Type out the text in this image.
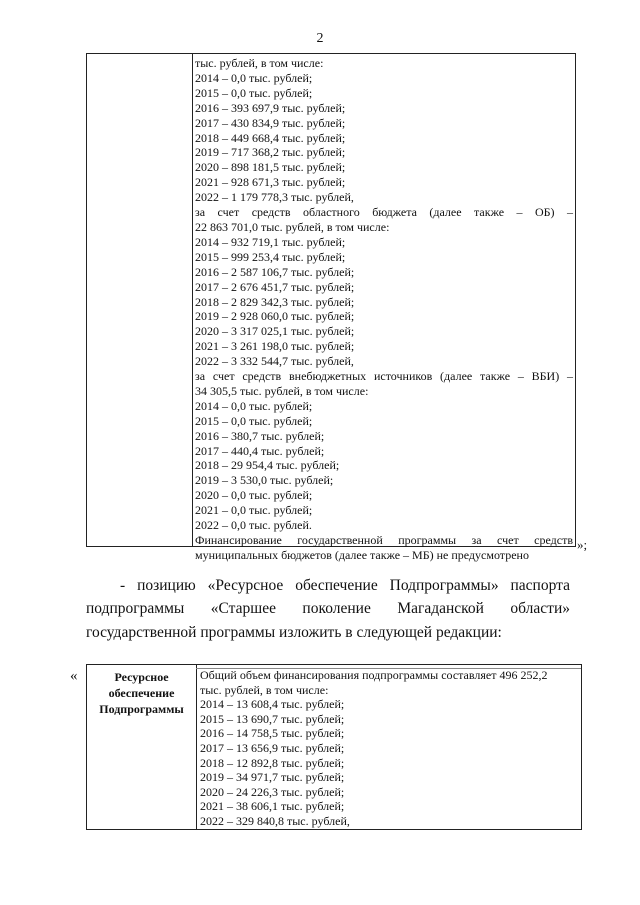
2
тыс. рублей, в том числе:
2014 – 0,0 тыс. рублей;
2015 – 0,0 тыс. рублей;
2016 – 393 697,9 тыс. рублей;
2017 – 430 834,9 тыс. рублей;
2018 – 449 668,4 тыс. рублей;
2019 – 717 368,2 тыс. рублей;
2020 – 898 181,5 тыс. рублей;
2021 – 928 671,3 тыс. рублей;
2022 – 1 179 778,3 тыс. рублей,
за счет средств областного бюджета (далее также – ОБ) –
22 863 701,0 тыс. рублей, в том числе:
2014 – 932 719,1 тыс. рублей;
2015 – 999 253,4 тыс. рублей;
2016 – 2 587 106,7 тыс. рублей;
2017 – 2 676 451,7 тыс. рублей;
2018 – 2 829 342,3 тыс. рублей;
2019 – 2 928 060,0 тыс. рублей;
2020 – 3 317 025,1 тыс. рублей;
2021 – 3 261 198,0 тыс. рублей;
2022 – 3 332 544,7 тыс. рублей,
за счет средств внебюджетных источников (далее также – ВБИ) –
34 305,5 тыс. рублей, в том числе:
2014 – 0,0 тыс. рублей;
2015 – 0,0 тыс. рублей;
2016 – 380,7 тыс. рублей;
2017 – 440,4 тыс. рублей;
2018 – 29 954,4 тыс. рублей;
2019 – 3 530,0 тыс. рублей;
2020 – 0,0 тыс. рублей;
2021 – 0,0 тыс. рублей;
2022 – 0,0 тыс. рублей.
Финансирование государственной программы за счет средств
муниципальных бюджетов (далее также – МБ) не предусмотрено
»;
- позицию «Ресурсное обеспечение Подпрограммы» паспорта
подпрограммы «Старшее поколение Магаданской области»
государственной программы изложить в следующей редакции:
«	Ресурсное обеспечение Подпрограммы
Общий объем финансирования подпрограммы составляет 496 252,2
тыс. рублей, в том числе:
2014 – 13 608,4 тыс. рублей;
2015 – 13 690,7 тыс. рублей;
2016 – 14 758,5 тыс. рублей;
2017 – 13 656,9 тыс. рублей;
2018 – 12 892,8 тыс. рублей;
2019 – 34 971,7 тыс. рублей;
2020 – 24 226,3 тыс. рублей;
2021 – 38 606,1 тыс. рублей;
2022 – 329 840,8 тыс. рублей,
